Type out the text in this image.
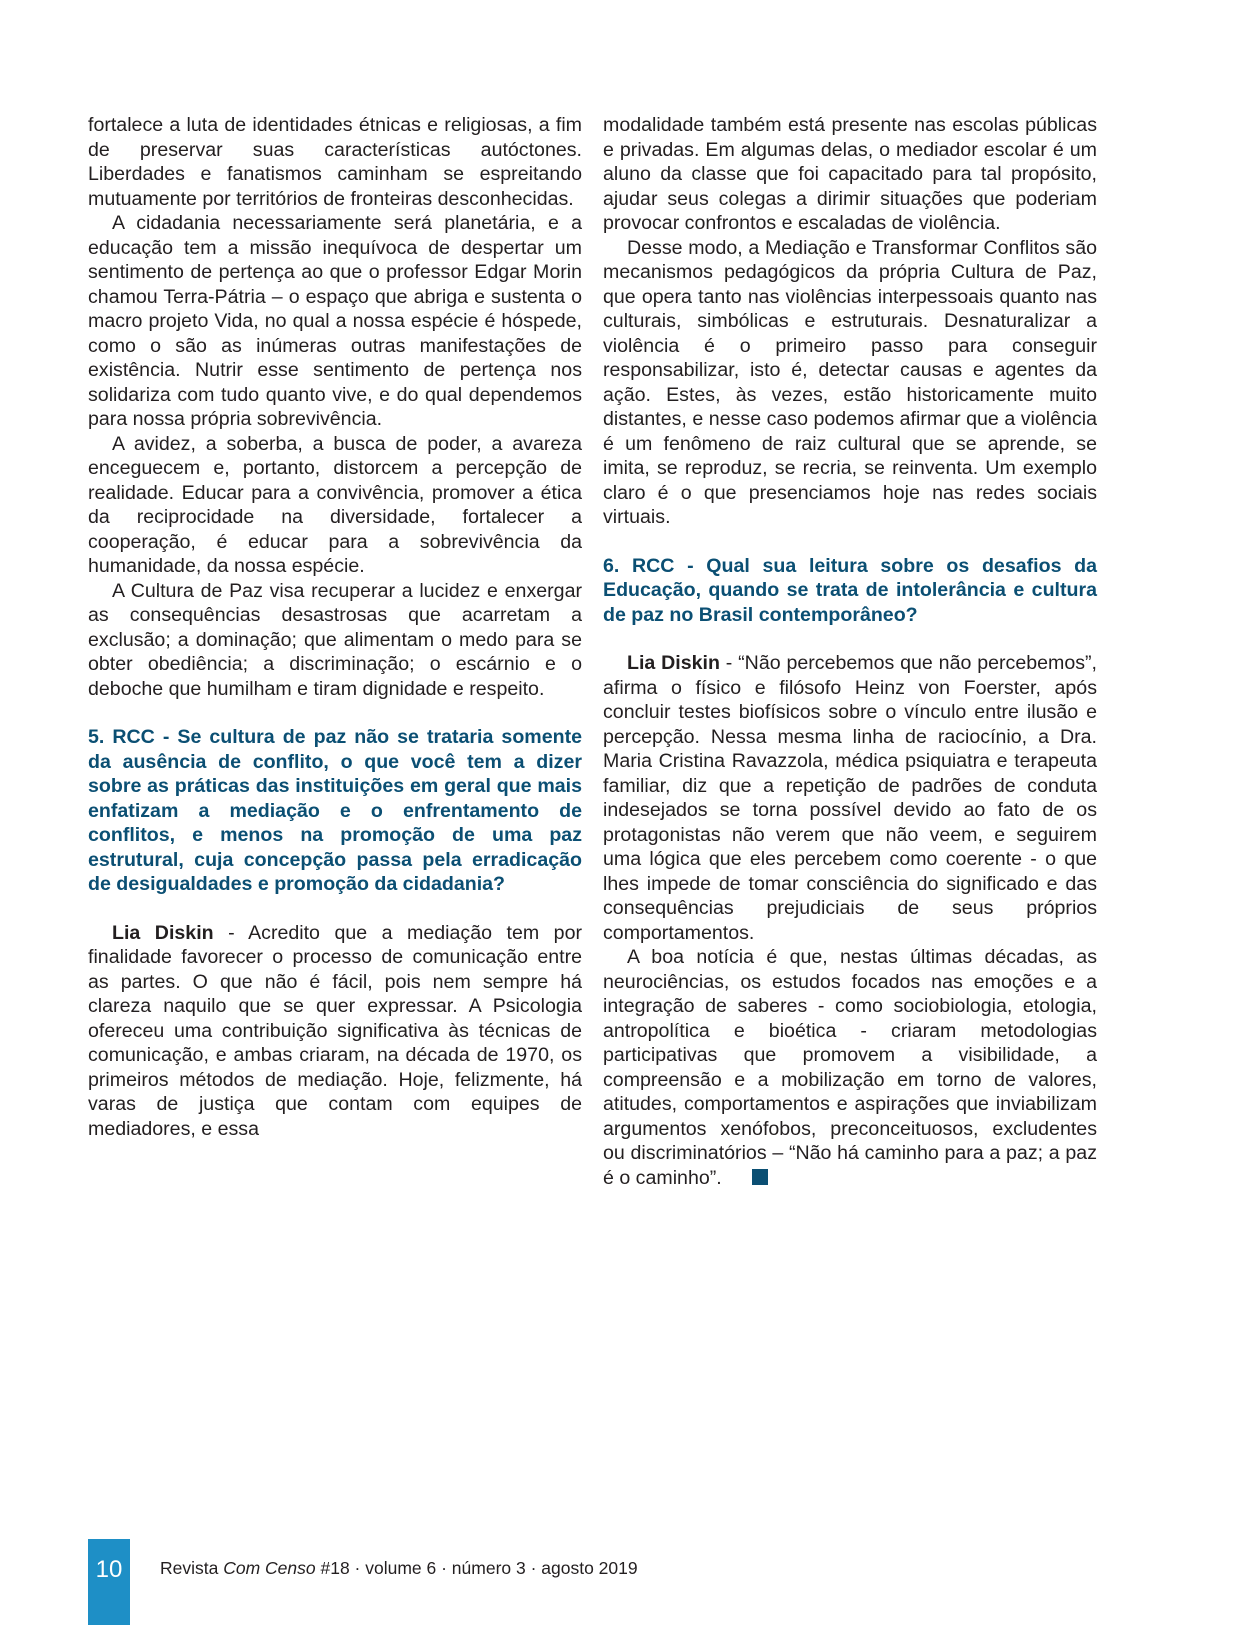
fortalece a luta de identidades étnicas e religiosas, a fim de preservar suas características autóctones. Liberdades e fanatismos caminham se espreitando mutuamente por territórios de fronteiras desconhecidas.

A cidadania necessariamente será planetária, e a educação tem a missão inequívoca de despertar um sentimento de pertença ao que o professor Edgar Morin chamou Terra-Pátria – o espaço que abriga e sustenta o macro projeto Vida, no qual a nossa espécie é hóspede, como o são as inúmeras outras manifestações de existência. Nutrir esse sentimento de pertença nos solidariza com tudo quanto vive, e do qual dependemos para nossa própria sobrevivência.

A avidez, a soberba, a busca de poder, a avareza enceguecem e, portanto, distorcem a percepção de realidade. Educar para a convivência, promover a ética da reciprocidade na diversidade, fortalecer a cooperação, é educar para a sobrevivência da humanidade, da nossa espécie.

A Cultura de Paz visa recuperar a lucidez e enxergar as consequências desastrosas que acarretam a exclusão; a dominação; que alimentam o medo para se obter obediência; a discriminação; o escárnio e o deboche que humilham e tiram dignidade e respeito.

5. RCC - Se cultura de paz não se trataria somente da ausência de conflito, o que você tem a dizer sobre as práticas das instituições em geral que mais enfatizam a mediação e o enfrentamento de conflitos, e menos na promoção de uma paz estrutural, cuja concepção passa pela erradicação de desigualdades e promoção da cidadania?

Lia Diskin - Acredito que a mediação tem por finalidade favorecer o processo de comunicação entre as partes. O que não é fácil, pois nem sempre há clareza naquilo que se quer expressar. A Psicologia ofereceu uma contribuição significativa às técnicas de comunicação, e ambas criaram, na década de 1970, os primeiros métodos de mediação. Hoje, felizmente, há varas de justiça que contam com equipes de mediadores, e essa

modalidade também está presente nas escolas públicas e privadas. Em algumas delas, o mediador escolar é um aluno da classe que foi capacitado para tal propósito, ajudar seus colegas a dirimir situações que poderiam provocar confrontos e escaladas de violência.

Desse modo, a Mediação e Transformar Conflitos são mecanismos pedagógicos da própria Cultura de Paz, que opera tanto nas violências interpessoais quanto nas culturais, simbólicas e estruturais. Desnaturalizar a violência é o primeiro passo para conseguir responsabilizar, isto é, detectar causas e agentes da ação. Estes, às vezes, estão historicamente muito distantes, e nesse caso podemos afirmar que a violência é um fenômeno de raiz cultural que se aprende, se imita, se reproduz, se recria, se reinventa. Um exemplo claro é o que presenciamos hoje nas redes sociais virtuais.

6. RCC - Qual sua leitura sobre os desafios da Educação, quando se trata de intolerância e cultura de paz no Brasil contemporâneo?

Lia Diskin - “Não percebemos que não percebemos”, afirma o físico e filósofo Heinz von Foerster, após concluir testes biofísicos sobre o vínculo entre ilusão e percepção. Nessa mesma linha de raciocínio, a Dra. Maria Cristina Ravazzola, médica psiquiatra e terapeuta familiar, diz que a repetição de padrões de conduta indesejados se torna possível devido ao fato de os protagonistas não verem que não veem, e seguirem uma lógica que eles percebem como coerente - o que lhes impede de tomar consciência do significado e das consequências prejudiciais de seus próprios comportamentos.

A boa notícia é que, nestas últimas décadas, as neurociências, os estudos focados nas emoções e a integração de saberes - como sociobiologia, etologia, antropolítica e bioética - criaram metodologias participativas que promovem a visibilidade, a compreensão e a mobilização em torno de valores, atitudes, comportamentos e aspirações que inviabilizam argumentos xenófobos, preconceituosos, excludentes ou discriminatórios – “Não há caminho para a paz; a paz é o caminho”.

10	Revista Com Censo #18 · volume 6 · número 3 · agosto 2019
